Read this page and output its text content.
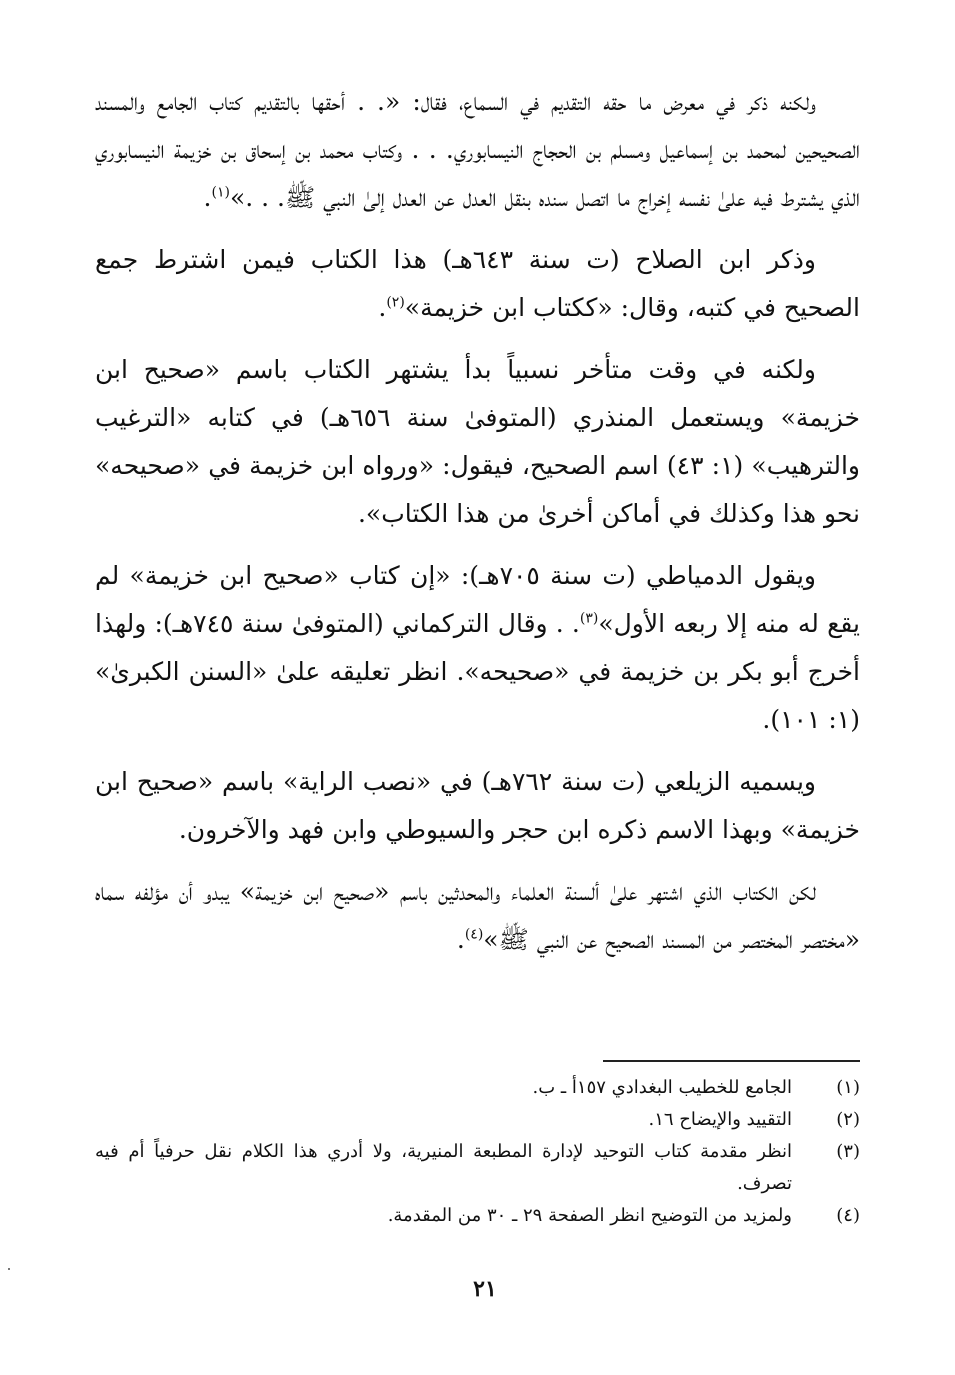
ولكنه ذكر في معرض ما حقه التقديم في السماع، فقال: «. . أحقها بالتقديم كتاب الجامع والمسند الصحيحين لمحمد بن إسماعيل ومسلم بن الحجاج النيسابوري. . . وكتاب محمد بن إسحاق بن خزيمة النيسابوري الذي يشترط فيه علىٰ نفسه إخراج ما اتصل سنده بنقل العدل عن العدل إلىٰ النبي ﷺ. . .»$^{(١)}$.

وذكر ابن الصلاح (ت سنة ٦٤٣هـ) هذا الكتاب فيمن اشترط جمع الصحيح في كتبه، وقال: «ككتاب ابن خزيمة»$^{(٢)}$.

ولكنه في وقت متأخر نسبياً بدأ يشتهر الكتاب باسم «صحيح ابن خزيمة» ويستعمل المنذري (المتوفىٰ سنة ٦٥٦هـ) في كتابه «الترغيب والترهيب» (١: ٤٣) اسم الصحيح، فيقول: «ورواه ابن خزيمة في «صحيحه» نحو هذا وكذلك في أماكن أخرىٰ من هذا الكتاب».

ويقول الدمياطي (ت سنة ٧٠٥هـ): «إن كتاب «صحيح ابن خزيمة» لم يقع له منه إلا ربعه الأول»$^{(٣)}$. . وقال التركماني (المتوفىٰ سنة ٧٤٥هـ): ولهذا أخرج أبو بكر بن خزيمة في «صحيحه». انظر تعليقه علىٰ «السنن الكبرىٰ» (١: ١٠١).

ويسميه الزيلعي (ت سنة ٧٦٢هـ) في «نصب الراية» باسم «صحيح ابن خزيمة» وبهذا الاسم ذكره ابن حجر والسيوطي وابن فهد والآخرون.

لكن الكتاب الذي اشتهر علىٰ ألسنة العلماء والمحدثين باسم «صحيح ابن خزيمة» يبدو أن مؤلفه سماه «مختصر المختصر من المسند الصحيح عن النبي ﷺ»$^{(٤)}$.

(١)
الجامع للخطيب البغدادي ١٥٧أ ـ ب.
(٢)
التقييد والإيضاح ١٦.
(٣)
انظر مقدمة كتاب التوحيد لإدارة المطبعة المنيرية، ولا أدري هذا الكلام نقل حرفياً أم فيه تصرف.
(٤)
ولمزيد من التوضيح انظر الصفحة ٢٩ ـ ٣٠ من المقدمة.
٢١
